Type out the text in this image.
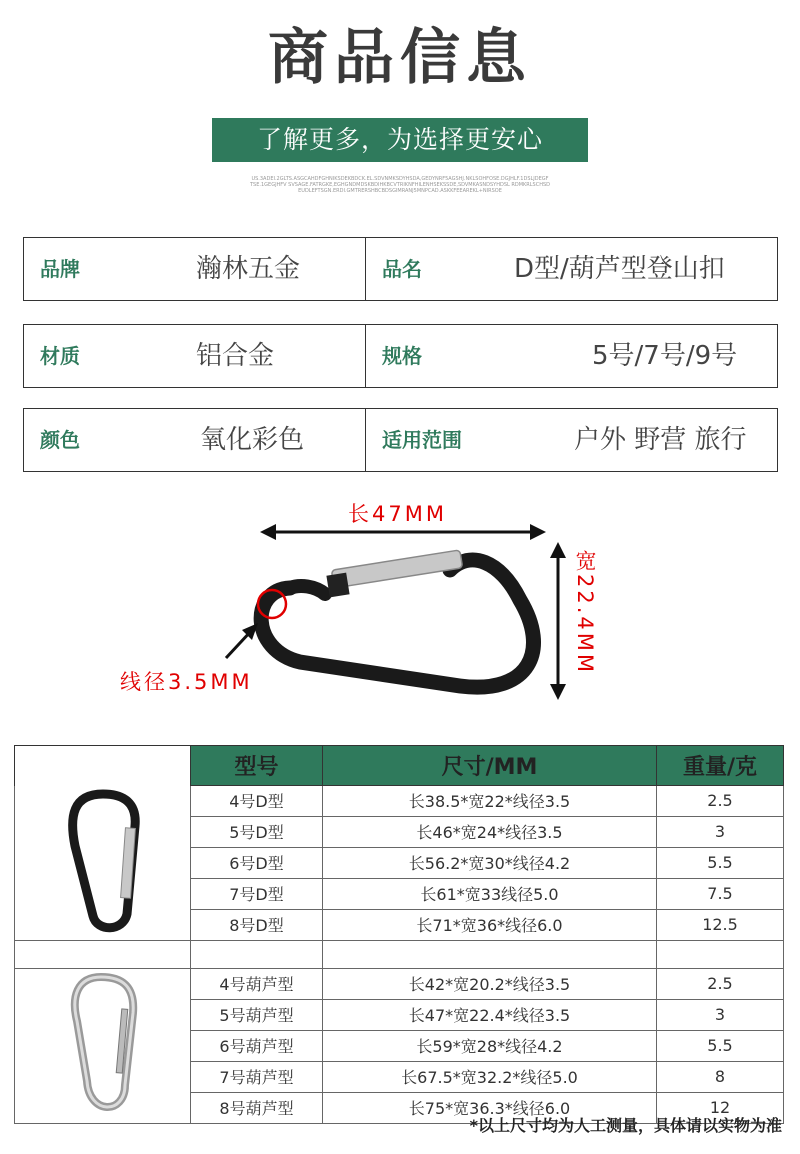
商品信息
了解更多，为选择更安心
US.3ADEI.2GLTS.ASGCAHDFGHNIKSDEKBDCK.EL.SDVNMKSDYHSDA,GEDYNRF5AGSHJ.NKLSOHFOSE.DGJHLF.1DSLJDEGFTSE.1GEGJHFV SVSAGE.FATRGKE,EGHGNDMDSKBDIHKBCVTRIKNFHILENHSEKSSDE,SDVMKASNDSYHDSL RDMKRLSCHSDEUDLEFTSGN.ERDI.GMTRERSHBCBDSGIMRANJ5MNPCAD.ASKKFEEAREKL+NIRSOE
品牌	瀚林五金	品名	D型/葫芦型登山扣
材质	铝合金	规格	5号/7号/9号
颜色	氧化彩色	适用范围	户外 野营 旅行
长47MM
宽22.4MM
线径3.5MM
	型号	尺寸/MM	重量/克
	4号D型	长38.5*宽22*线径3.5	2.5
	5号D型	长46*宽24*线径3.5	3
	6号D型	长56.2*宽30*线径4.2	5.5
	7号D型	长61*宽33线径5.0	7.5
	8号D型	长71*宽36*线径6.0	12.5

	4号葫芦型	长42*宽20.2*线径3.5	2.5
	5号葫芦型	长47*宽22.4*线径3.5	3
	6号葫芦型	长59*宽28*线径4.2	5.5
	7号葫芦型	长67.5*宽32.2*线径5.0	8
	8号葫芦型	长75*宽36.3*线径6.0	12
*以上尺寸均为人工测量，具体请以实物为准
